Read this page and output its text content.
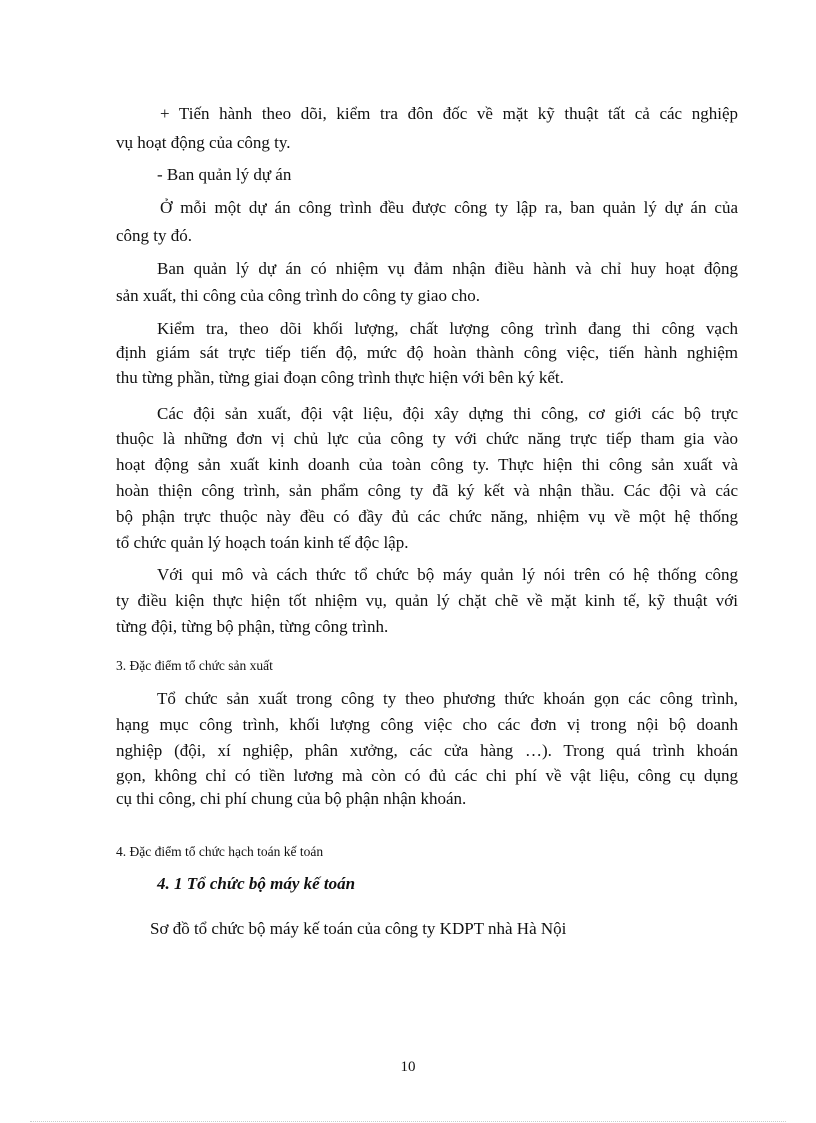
+ Tiến hành theo dõi, kiểm tra đôn đốc về mặt kỹ thuật tất cả các nghiệp
vụ hoạt động của công ty.
- Ban quản lý dự án
Ở mỗi một dự án công trình đều được công ty lập ra, ban quản lý dự án của
công ty đó.
Ban quản lý dự án có nhiệm vụ đảm nhận điều hành và chỉ huy hoạt động
sản xuất, thi công của công trình do công ty giao cho.
Kiểm tra, theo dõi khối lượng, chất lượng công trình đang thi công vạch
định giám sát trực tiếp tiến độ, mức độ hoàn thành công việc, tiến hành nghiệm
thu từng phần, từng giai đoạn công trình thực hiện với bên ký kết.
Các đội sản xuất, đội vật liệu, đội xây dựng thi công, cơ giới các bộ trực
thuộc là những đơn vị chủ lực của công ty với chức năng trực tiếp tham gia vào
hoạt động sản xuất kinh doanh của toàn công ty. Thực hiện thi công sản xuất và
hoàn thiện công trình, sản phẩm công ty đã ký kết và nhận thầu. Các đội và các
bộ phận trực thuộc này đều có đầy đủ các chức năng, nhiệm vụ về một hệ thống
tổ chức quản lý hoạch toán kinh tế độc lập.
Với qui mô và cách thức tổ chức bộ máy quản lý nói trên có hệ thống công
ty điều kiện thực hiện tốt nhiệm vụ, quản lý chặt chẽ về mặt kinh tế, kỹ thuật với
từng đội, từng bộ phận, từng công trình.
3. Đặc điểm tổ chức sản xuất
Tổ chức sản xuất trong công ty theo phương thức khoán gọn các công trình,
hạng mục công trình, khối lượng công việc cho các đơn vị trong nội bộ doanh
nghiệp (đội, xí nghiệp, phân xưởng, các cửa hàng …). Trong quá trình khoán
gọn, không chỉ có tiền lương mà còn có đủ các chi phí về vật liệu, công cụ dụng
cụ thi công, chi phí chung của bộ phận nhận khoán.
4. Đặc điểm tổ chức hạch toán kế toán
4. 1 Tổ chức bộ máy kế toán
Sơ đồ tổ chức bộ máy kế toán của công ty KDPT nhà Hà Nội
10
